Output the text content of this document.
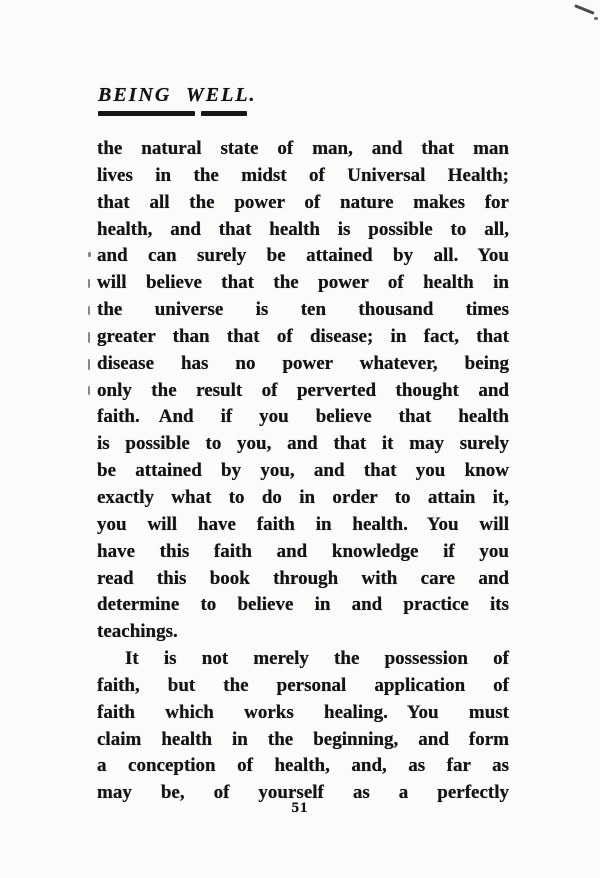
BEING WELL.
the natural state of man, and that man
lives in the midst of Universal Health;
that all the power of nature makes for
health, and that health is possible to all,
and can surely be attained by all.  You
will believe that the power of health in
the universe is ten thousand times
greater than that of disease; in fact, that
disease has no power whatever, being
only the result of perverted thought and
faith.  And if you believe that health
is possible to you, and that it may surely
be attained by you, and that you know
exactly what to do in order to attain it,
you will have faith in health.  You will
have this faith and knowledge if you
read this book through with care and
determine to believe in and practice its
teachings.
It is not merely the possession of
faith, but the personal application of
faith which works healing.  You must
claim health in the beginning, and form
a conception of health, and, as far as
may be, of yourself as a perfectly
51
